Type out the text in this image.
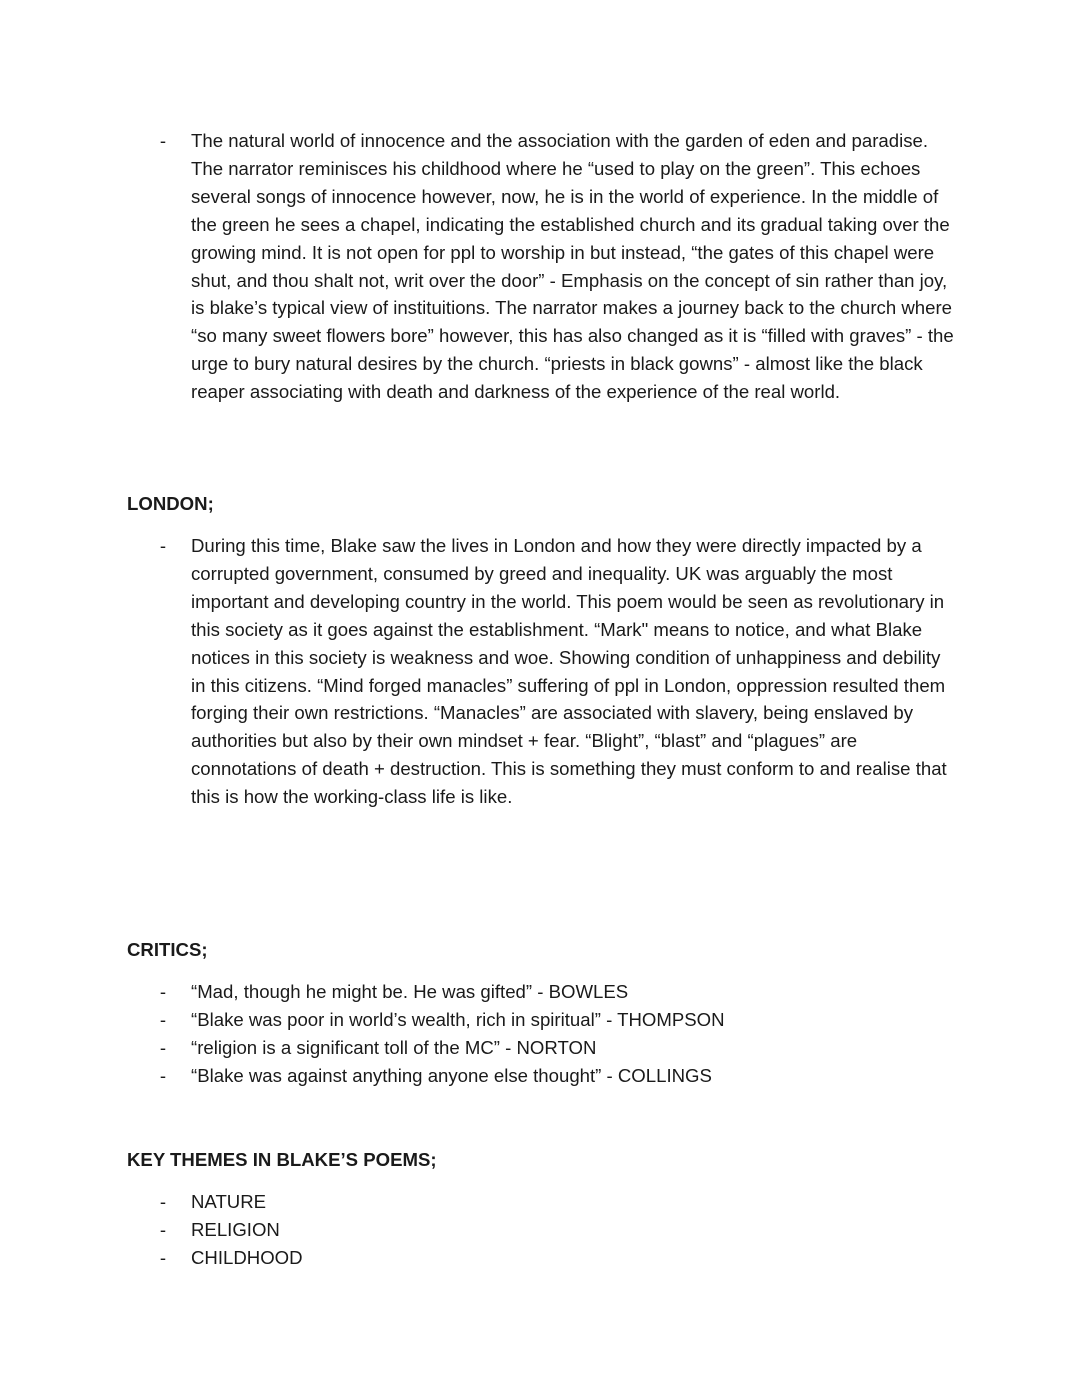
- The natural world of innocence and the association with the garden of eden and paradise. The narrator reminisces his childhood where he “used to play on the green”. This echoes several songs of innocence however, now, he is in the world of experience. In the middle of the green he sees a chapel, indicating the established church and its gradual taking over the growing mind. It is not open for ppl to worship in but instead, “the gates of this chapel were shut, and thou shalt not, writ over the door” - Emphasis on the concept of sin rather than joy, is blake’s typical view of instituitions. The narrator makes a journey back to the church where “so many sweet flowers bore” however, this has also changed as it is “filled with graves” - the urge to bury natural desires by the church. “priests in black gowns” - almost like the black reaper associating with death and darkness of the experience of the real world.
LONDON;
- During this time, Blake saw the lives in London and how they were directly impacted by a corrupted government, consumed by greed and inequality. UK was arguably the most important and developing country in the world. This poem would be seen as revolutionary in this society as it goes against the establishment. “Mark" means to notice, and what Blake notices in this society is weakness and woe. Showing condition of unhappiness and debility in this citizens. “Mind forged manacles” suffering of ppl in London, oppression resulted them forging their own restrictions. “Manacles” are associated with slavery, being enslaved by authorities but also by their own mindset + fear. “Blight”, “blast” and “plagues” are connotations of death + destruction. This is something they must conform to and realise that this is how the working-class life is like.
CRITICS;
- “Mad, though he might be. He was gifted” - BOWLES
- “Blake was poor in world’s wealth, rich in spiritual” - THOMPSON
- “religion is a significant toll of the MC” - NORTON
- “Blake was against anything anyone else thought” - COLLINGS
KEY THEMES IN BLAKE’S POEMS;
- NATURE
- RELIGION
- CHILDHOOD
